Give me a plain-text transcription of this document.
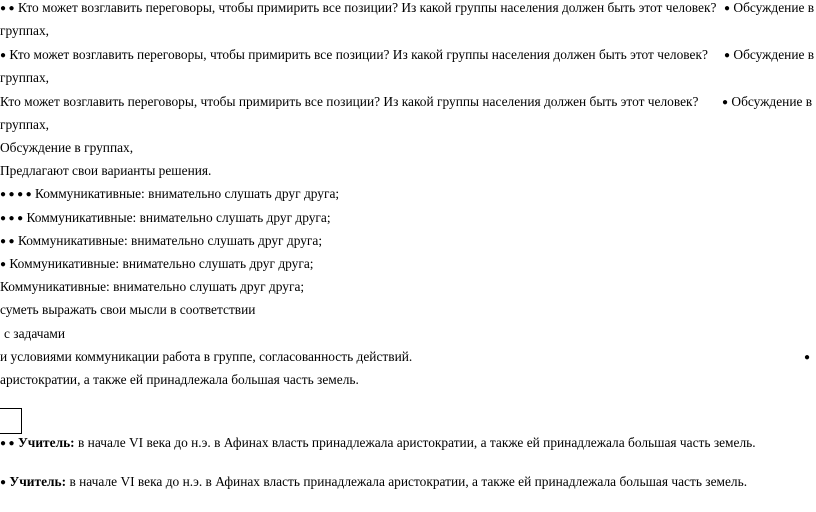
● ● Кто может возглавить переговоры, чтобы примирить все позиции? Из какой группы населения должен быть этот человек? ● Обсуждение в
группах,
● Кто может возглавить переговоры, чтобы примирить все позиции? Из какой группы населения должен быть этот человек? ● Обсуждение в
группах,
Кто может возглавить переговоры, чтобы примирить все позиции? Из какой группы населения должен быть этот человек? ● Обсуждение в
группах,
Обсуждение в группах,
Предлагают свои варианты решения.
● ● ● ● Коммуникативные: внимательно слушать друг друга;
● ● ● Коммуникативные: внимательно слушать друг друга;
● ● Коммуникативные: внимательно слушать друг друга;
● Коммуникативные: внимательно слушать друг друга;
Коммуникативные: внимательно слушать друг друга;
суметь выражать свои мысли в соответствии
с задачами
и условиями коммуникации работа в группе, согласованность действий.	●
аристократии, а также ей принадлежала большая часть земель.
● ● Учитель: в начале VI века до н.э. в Афинах власть принадлежала аристократии, а также ей принадлежала большая часть земель.
● Учитель: в начале VI века до н.э. в Афинах власть принадлежала аристократии, а также ей принадлежала большая часть земель.
